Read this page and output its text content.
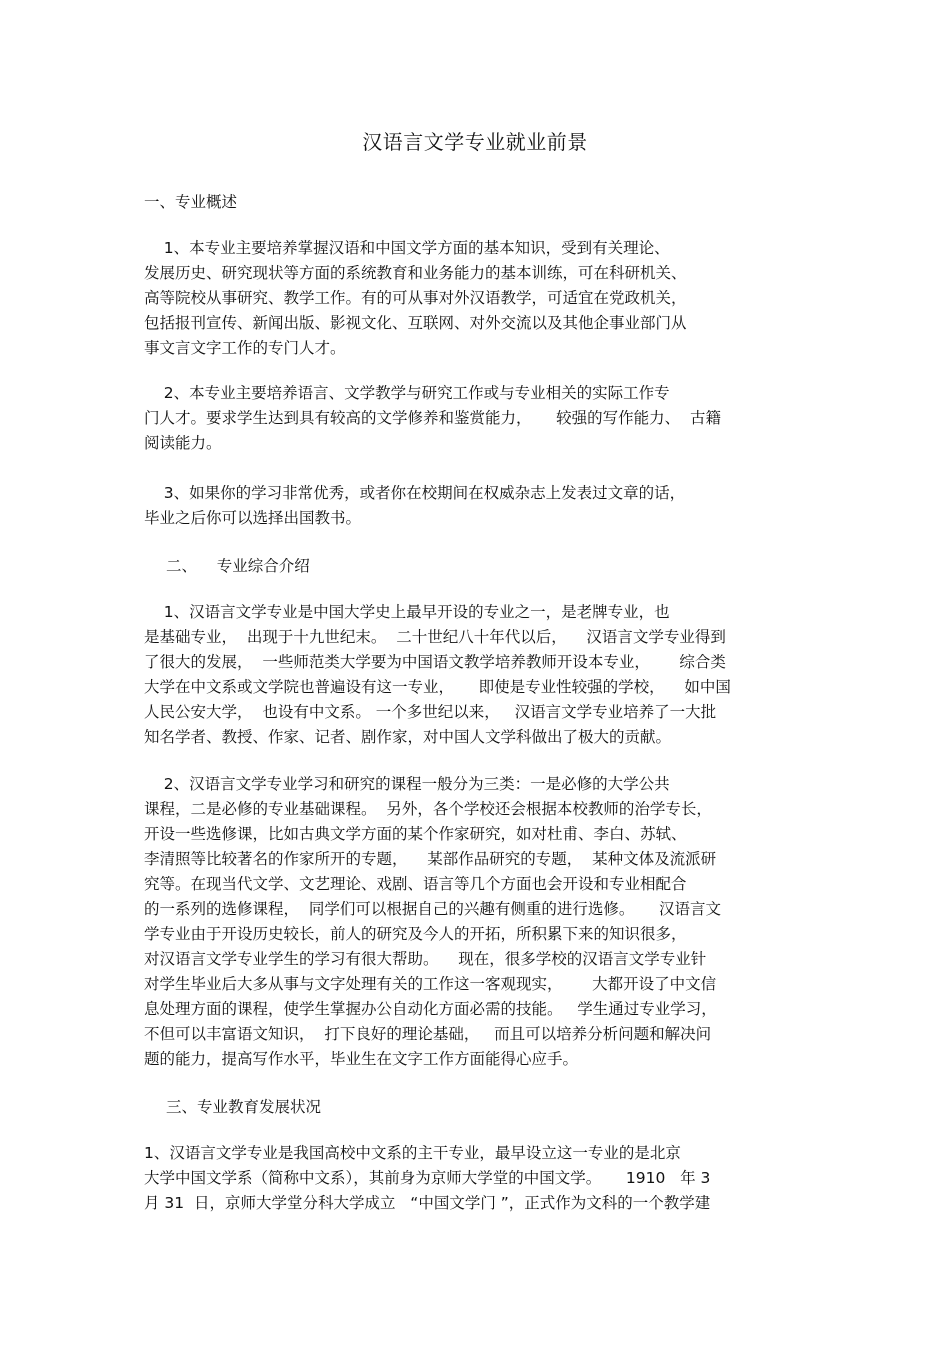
汉语言文学专业就业前景
一、专业概述
1、本专业主要培养掌握汉语和中国文学方面的基本知识，受到有关理论、
发展历史、研究现状等方面的系统教育和业务能力的基本训练，可在科研机关、
高等院校从事研究、教学工作。有的可从事对外汉语教学，可适宜在党政机关，
包括报刊宣传、新闻出版、影视文化、互联网、对外交流以及其他企事业部门从
事文言文字工作的专门人才。
2、本专业主要培养语言、文学教学与研究工作或与专业相关的实际工作专
门人才。要求学生达到具有较高的文学修养和鉴赏能力，     较强的写作能力、  古籍
阅读能力。
3、如果你的学习非常优秀，或者你在校期间在权威杂志上发表过文章的话，
毕业之后你可以选择出国教书。
二、    专业综合介绍
1、汉语言文学专业是中国大学史上最早开设的专业之一，是老牌专业，也
是基础专业，  出现于十九世纪末。  二十世纪八十年代以后，    汉语言文学专业得到
了很大的发展，  一些师范类大学要为中国语文教学培养教师开设本专业，      综合类
大学在中文系或文学院也普遍设有这一专业，     即使是专业性较强的学校，    如中国
人民公安大学，  也设有中文系。 一个多世纪以来，   汉语言文学专业培养了一大批
知名学者、教授、作家、记者、剧作家，对中国人文学科做出了极大的贡献。
2、汉语言文学专业学习和研究的课程一般分为三类：一是必修的大学公共
课程，二是必修的专业基础课程。  另外，各个学校还会根据本校教师的治学专长，
开设一些选修课，比如古典文学方面的某个作家研究，如对杜甫、李白、苏轼、
李清照等比较著名的作家所开的专题，    某部作品研究的专题，  某种文体及流派研
究等。在现当代文学、文艺理论、戏剧、语言等几个方面也会开设和专业相配合
的一系列的选修课程，  同学们可以根据自己的兴趣有侧重的进行选修。     汉语言文
学专业由于开设历史较长，前人的研究及今人的开拓，所积累下来的知识很多，
对汉语言文学专业学生的学习有很大帮助。    现在，很多学校的汉语言文学专业针
对学生毕业后大多从事与文字处理有关的工作这一客观现实，      大都开设了中文信
息处理方面的课程，使学生掌握办公自动化方面必需的技能。   学生通过专业学习，
不但可以丰富语文知识，  打下良好的理论基础，   而且可以培养分析问题和解决问
题的能力，提高写作水平，毕业生在文字工作方面能得心应手。
三、专业教育发展状况
1、汉语言文学专业是我国高校中文系的主干专业，最早设立这一专业的是北京
大学中国文学系（简称中文系），其前身为京师大学堂的中国文学。     1910   年 3
月 31  日，京师大学堂分科大学成立   “中国文学门 ”，正式作为文科的一个教学建
